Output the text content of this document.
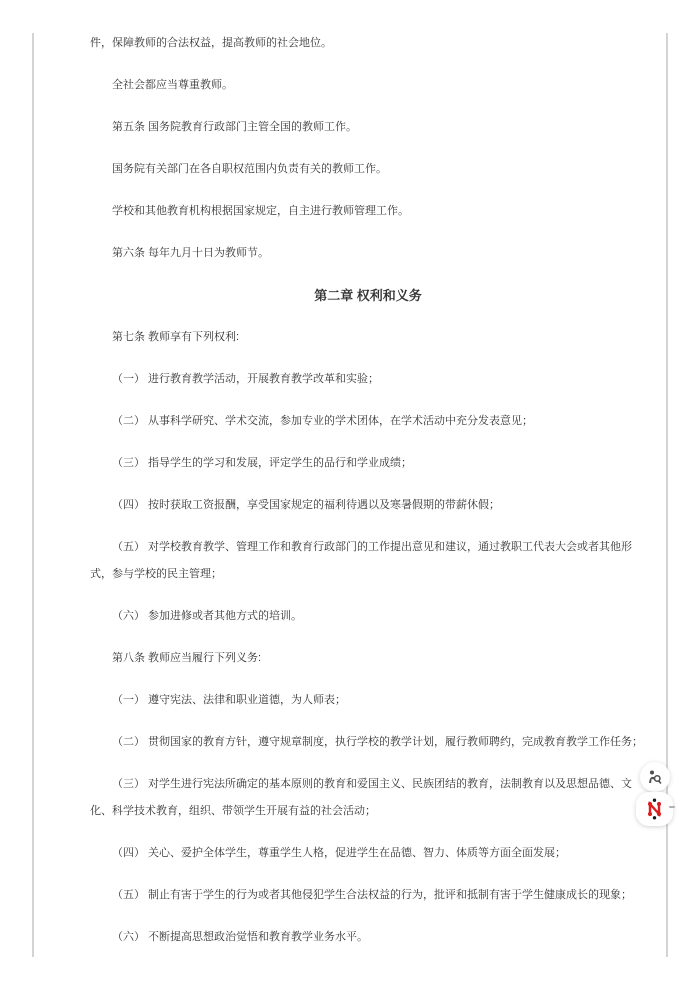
件，保障教师的合法权益，提高教师的社会地位。

全社会都应当尊重教师。

第五条 国务院教育行政部门主管全国的教师工作。

国务院有关部门在各自职权范围内负责有关的教师工作。

学校和其他教育机构根据国家规定，自主进行教师管理工作。

第六条 每年九月十日为教师节。

第二章 权利和义务

第七条 教师享有下列权利:

（一） 进行教育教学活动，开展教育教学改革和实验；

（二） 从事科学研究、学术交流，参加专业的学术团体，在学术活动中充分发表意见；

（三） 指导学生的学习和发展，评定学生的品行和学业成绩；

（四） 按时获取工资报酬，享受国家规定的福利待遇以及寒暑假期的带薪休假；

（五） 对学校教育教学、管理工作和教育行政部门的工作提出意见和建议，通过教职工代表大会或者其他形式，参与学校的民主管理；

（六） 参加进修或者其他方式的培训。

第八条 教师应当履行下列义务:

（一） 遵守宪法、法律和职业道德，为人师表；

（二） 贯彻国家的教育方针，遵守规章制度，执行学校的教学计划，履行教师聘约，完成教育教学工作任务；

（三） 对学生进行宪法所确定的基本原则的教育和爱国主义、民族团结的教育，法制教育以及思想品德、文化、科学技术教育，组织、带领学生开展有益的社会活动；

（四） 关心、爱护全体学生，尊重学生人格，促进学生在品德、智力、体质等方面全面发展；

（五） 制止有害于学生的行为或者其他侵犯学生合法权益的行为，批评和抵制有害于学生健康成长的现象；

（六） 不断提高思想政治觉悟和教育教学业务水平。
